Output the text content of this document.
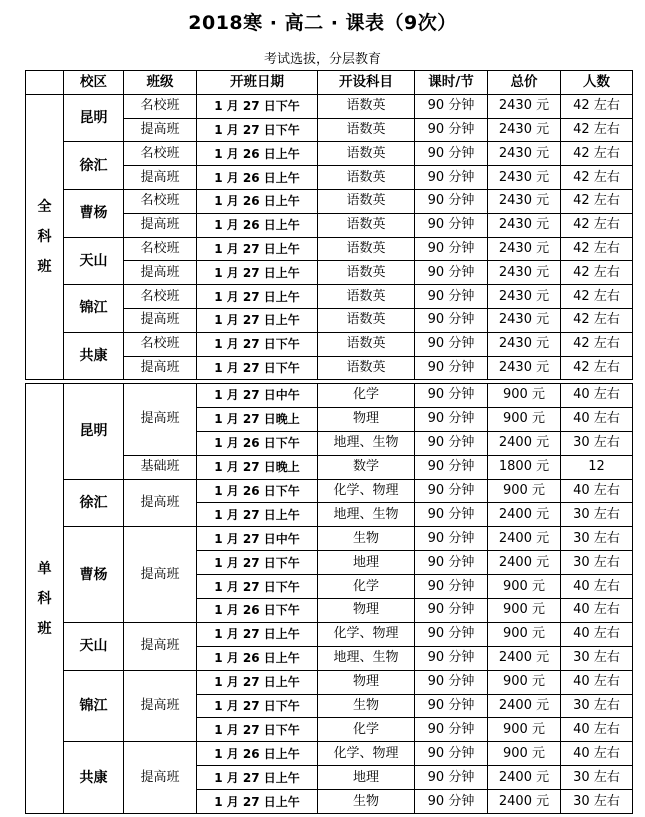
2018寒 · 高二 · 课表（9次）
考试选拔，分层教育
	校区	班级	开班日期	开设科目	课时/节	总价	人数

全
科
班	昆明	名校班	1 月 27 日下午	语数英	90 分钟	2430 元	42 左右
		提高班	1 月 27 日下午	语数英	90 分钟	2430 元	42 左右
	徐汇	名校班	1 月 26 日上午	语数英	90 分钟	2430 元	42 左右
		提高班	1 月 26 日上午	语数英	90 分钟	2430 元	42 左右
	曹杨	名校班	1 月 26 日上午	语数英	90 分钟	2430 元	42 左右
		提高班	1 月 26 日上午	语数英	90 分钟	2430 元	42 左右
	天山	名校班	1 月 27 日上午	语数英	90 分钟	2430 元	42 左右
		提高班	1 月 27 日上午	语数英	90 分钟	2430 元	42 左右
	锦江	名校班	1 月 27 日上午	语数英	90 分钟	2430 元	42 左右
		提高班	1 月 27 日上午	语数英	90 分钟	2430 元	42 左右
	共康	名校班	1 月 27 日下午	语数英	90 分钟	2430 元	42 左右
		提高班	1 月 27 日下午	语数英	90 分钟	2430 元	42 左右
单
科
班	昆明	提高班	1 月 27 日中午	化学	90 分钟	900 元	40 左右
			1 月 27 日晚上	物理	90 分钟	900 元	40 左右
			1 月 26 日下午	地理、生物	90 分钟	2400 元	30 左右
		基础班	1 月 27 日晚上	数学	90 分钟	1800 元	12
	徐汇	提高班	1 月 26 日下午	化学、物理	90 分钟	900 元	40 左右
			1 月 27 日上午	地理、生物	90 分钟	2400 元	30 左右
	曹杨	提高班	1 月 27 日中午	生物	90 分钟	2400 元	30 左右
			1 月 27 日下午	地理	90 分钟	2400 元	30 左右
			1 月 27 日下午	化学	90 分钟	900 元	40 左右
			1 月 26 日下午	物理	90 分钟	900 元	40 左右
	天山	提高班	1 月 27 日上午	化学、物理	90 分钟	900 元	40 左右
			1 月 26 日上午	地理、生物	90 分钟	2400 元	30 左右
	锦江	提高班	1 月 27 日上午	物理	90 分钟	900 元	40 左右
			1 月 27 日下午	生物	90 分钟	2400 元	30 左右
			1 月 27 日下午	化学	90 分钟	900 元	40 左右
	共康	提高班	1 月 26 日上午	化学、物理	90 分钟	900 元	40 左右
			1 月 27 日上午	地理	90 分钟	2400 元	30 左右
			1 月 27 日上午	生物	90 分钟	2400 元	30 左右
